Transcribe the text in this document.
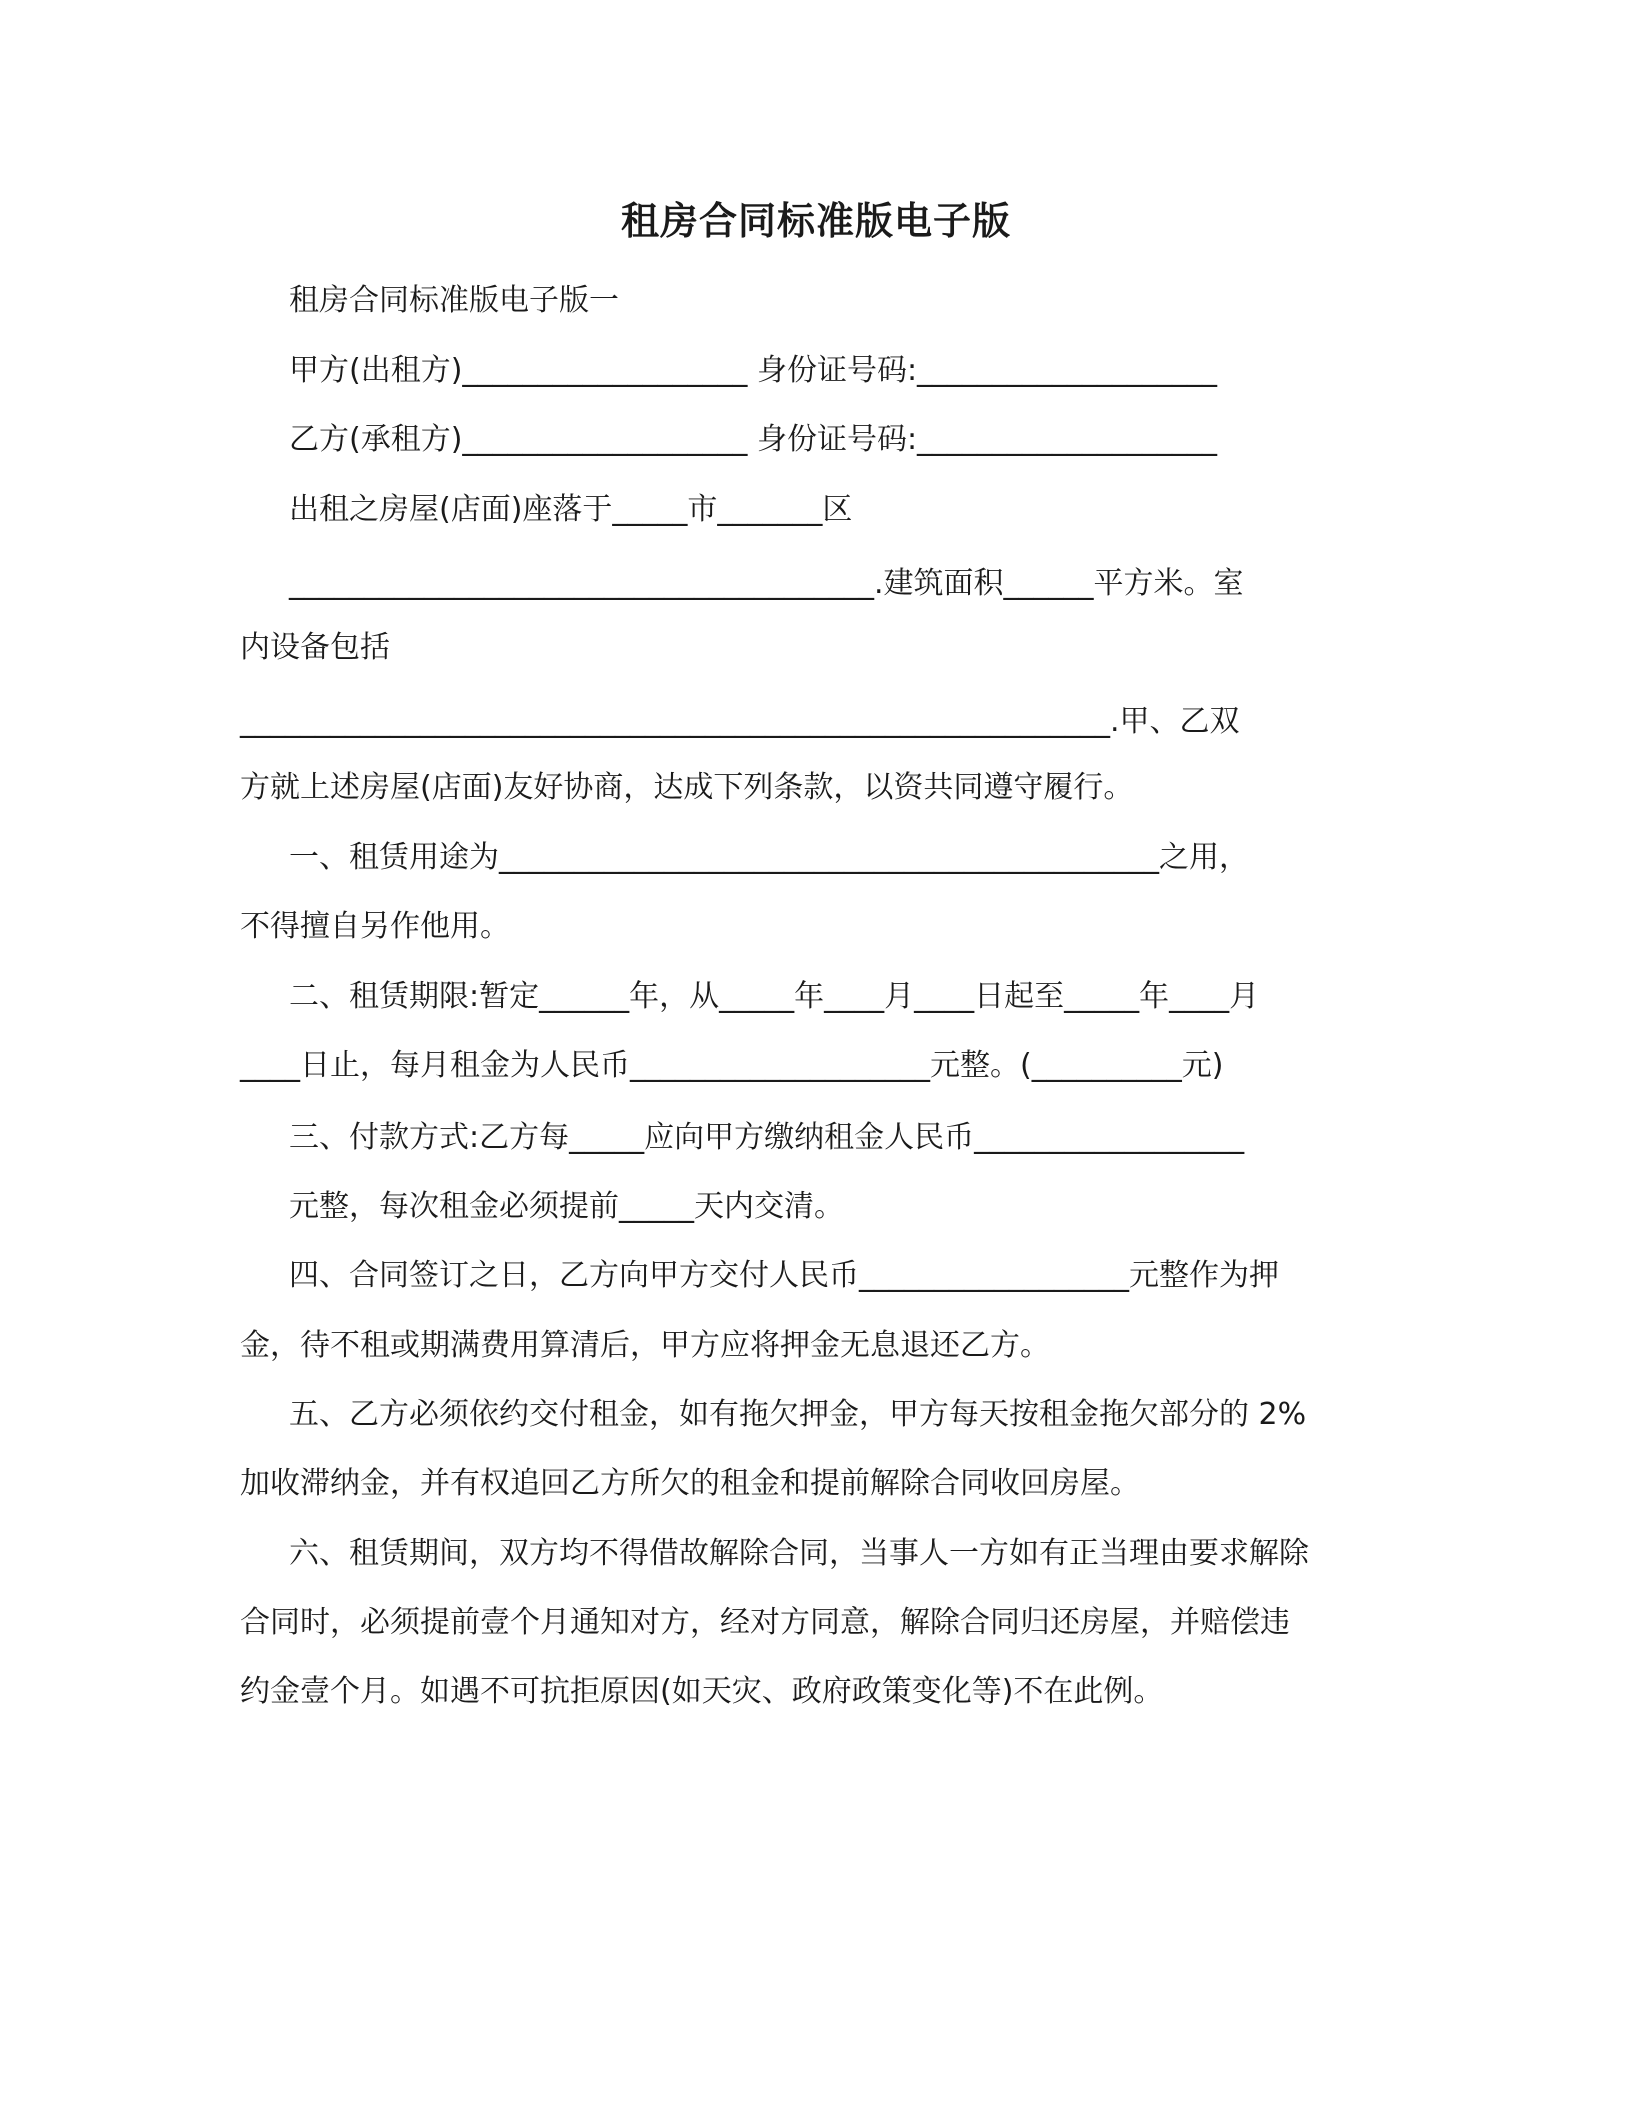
租房合同标准版电子版

租房合同标准版电子版一

甲方(出租方)___________________ 身份证号码:____________________

乙方(承租方)___________________ 身份证号码:____________________

出租之房屋(店面)座落于_____市_______区

_______________________________________.建筑面积______平方米。室

内设备包括

__________________________________________________________.甲、乙双

方就上述房屋(店面)友好协商，达成下列条款，以资共同遵守履行。

一、租赁用途为____________________________________________之用，

不得擅自另作他用。

二、租赁期限:暂定______年，从_____年____月____日起至_____年____月

____日止，每月租金为人民币____________________元整。(__________元)

三、付款方式:乙方每_____应向甲方缴纳租金人民币__________________

元整，每次租金必须提前_____天内交清。

四、合同签订之日，乙方向甲方交付人民币__________________元整作为押

金，待不租或期满费用算清后，甲方应将押金无息退还乙方。

五、乙方必须依约交付租金，如有拖欠押金，甲方每天按租金拖欠部分的 2%

加收滞纳金，并有权追回乙方所欠的租金和提前解除合同收回房屋。

六、租赁期间，双方均不得借故解除合同，当事人一方如有正当理由要求解除

合同时，必须提前壹个月通知对方，经对方同意，解除合同归还房屋，并赔偿违

约金壹个月。如遇不可抗拒原因(如天灾、政府政策变化等)不在此例。
